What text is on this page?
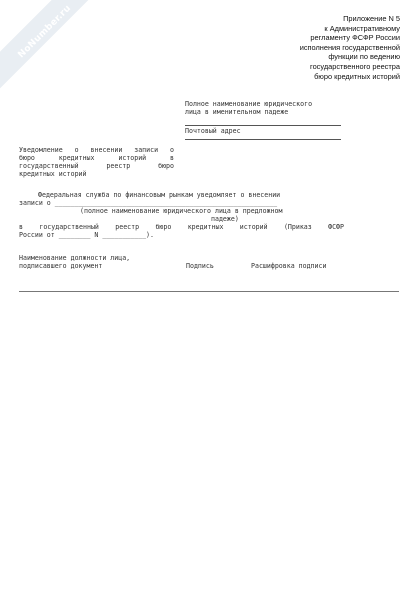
NoNumber.ru	Приложение N 5
к Административному
регламенту ФСФР России
исполнения государственной
функции по ведению
государственного реестра
бюро кредитных историй
Полное наименование юридического
лица в именительном падеже
Почтовый адрес
Уведомление о внесении записи о
бюро	кредитных	историй	в
государственный	реестр	бюро
кредитных историй
Федеральная служба по финансовым рынкам уведомляет о внесении
записи о ________________________________________________________
(полное наименование юридического лица в предложном
падеже)
в государственный реестр бюро кредитных историй (Приказ ФСФР
России от ________ N ___________).
Наименование должности лица,
подписавшего документ	Подпись	Расшифровка подписи
